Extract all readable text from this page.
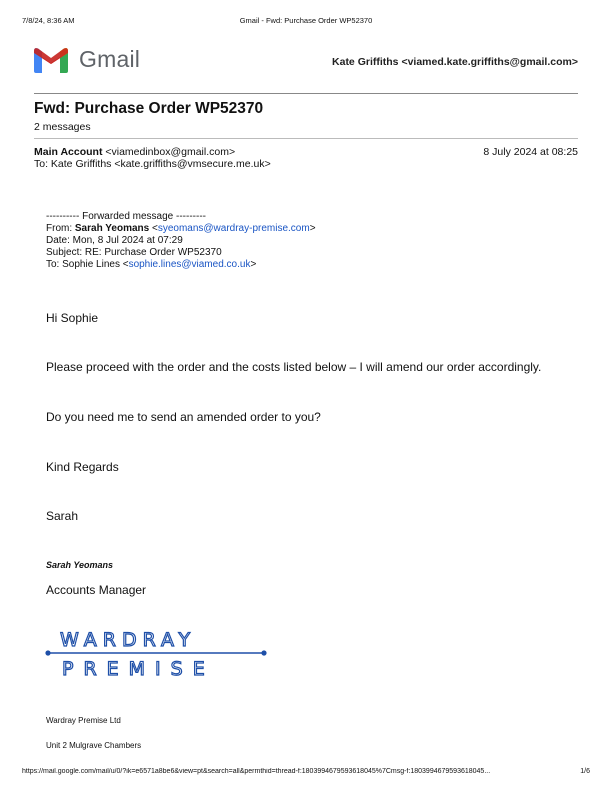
7/8/24, 8:36 AM	Gmail - Fwd: Purchase Order WP52370
Gmail	Kate Griffiths <viamed.kate.griffiths@gmail.com>
Fwd: Purchase Order WP52370
2 messages
Main Account <viamedinbox@gmail.com>	8 July 2024 at 08:25
To: Kate Griffiths <kate.griffiths@vmsecure.me.uk>
---------- Forwarded message ---------
From: Sarah Yeomans <syeomans@wardray-premise.com>
Date: Mon, 8 Jul 2024 at 07:29
Subject: RE: Purchase Order WP52370
To: Sophie Lines <sophie.lines@viamed.co.uk>
Hi Sophie
Please proceed with the order and the costs listed below – I will amend our order accordingly.
Do you need me to send an amended order to you?
Kind Regards
Sarah
Sarah Yeomans
Accounts Manager
WARDRAY
PREMISE
Wardray Premise Ltd
Unit 2 Mulgrave Chambers
https://mail.google.com/mail/u/0/?ik=e6571a8be6&view=pt&search=all&permthid=thread-f:1803994679593618045%7Cmsg-f:1803994679593618045...	1/6
